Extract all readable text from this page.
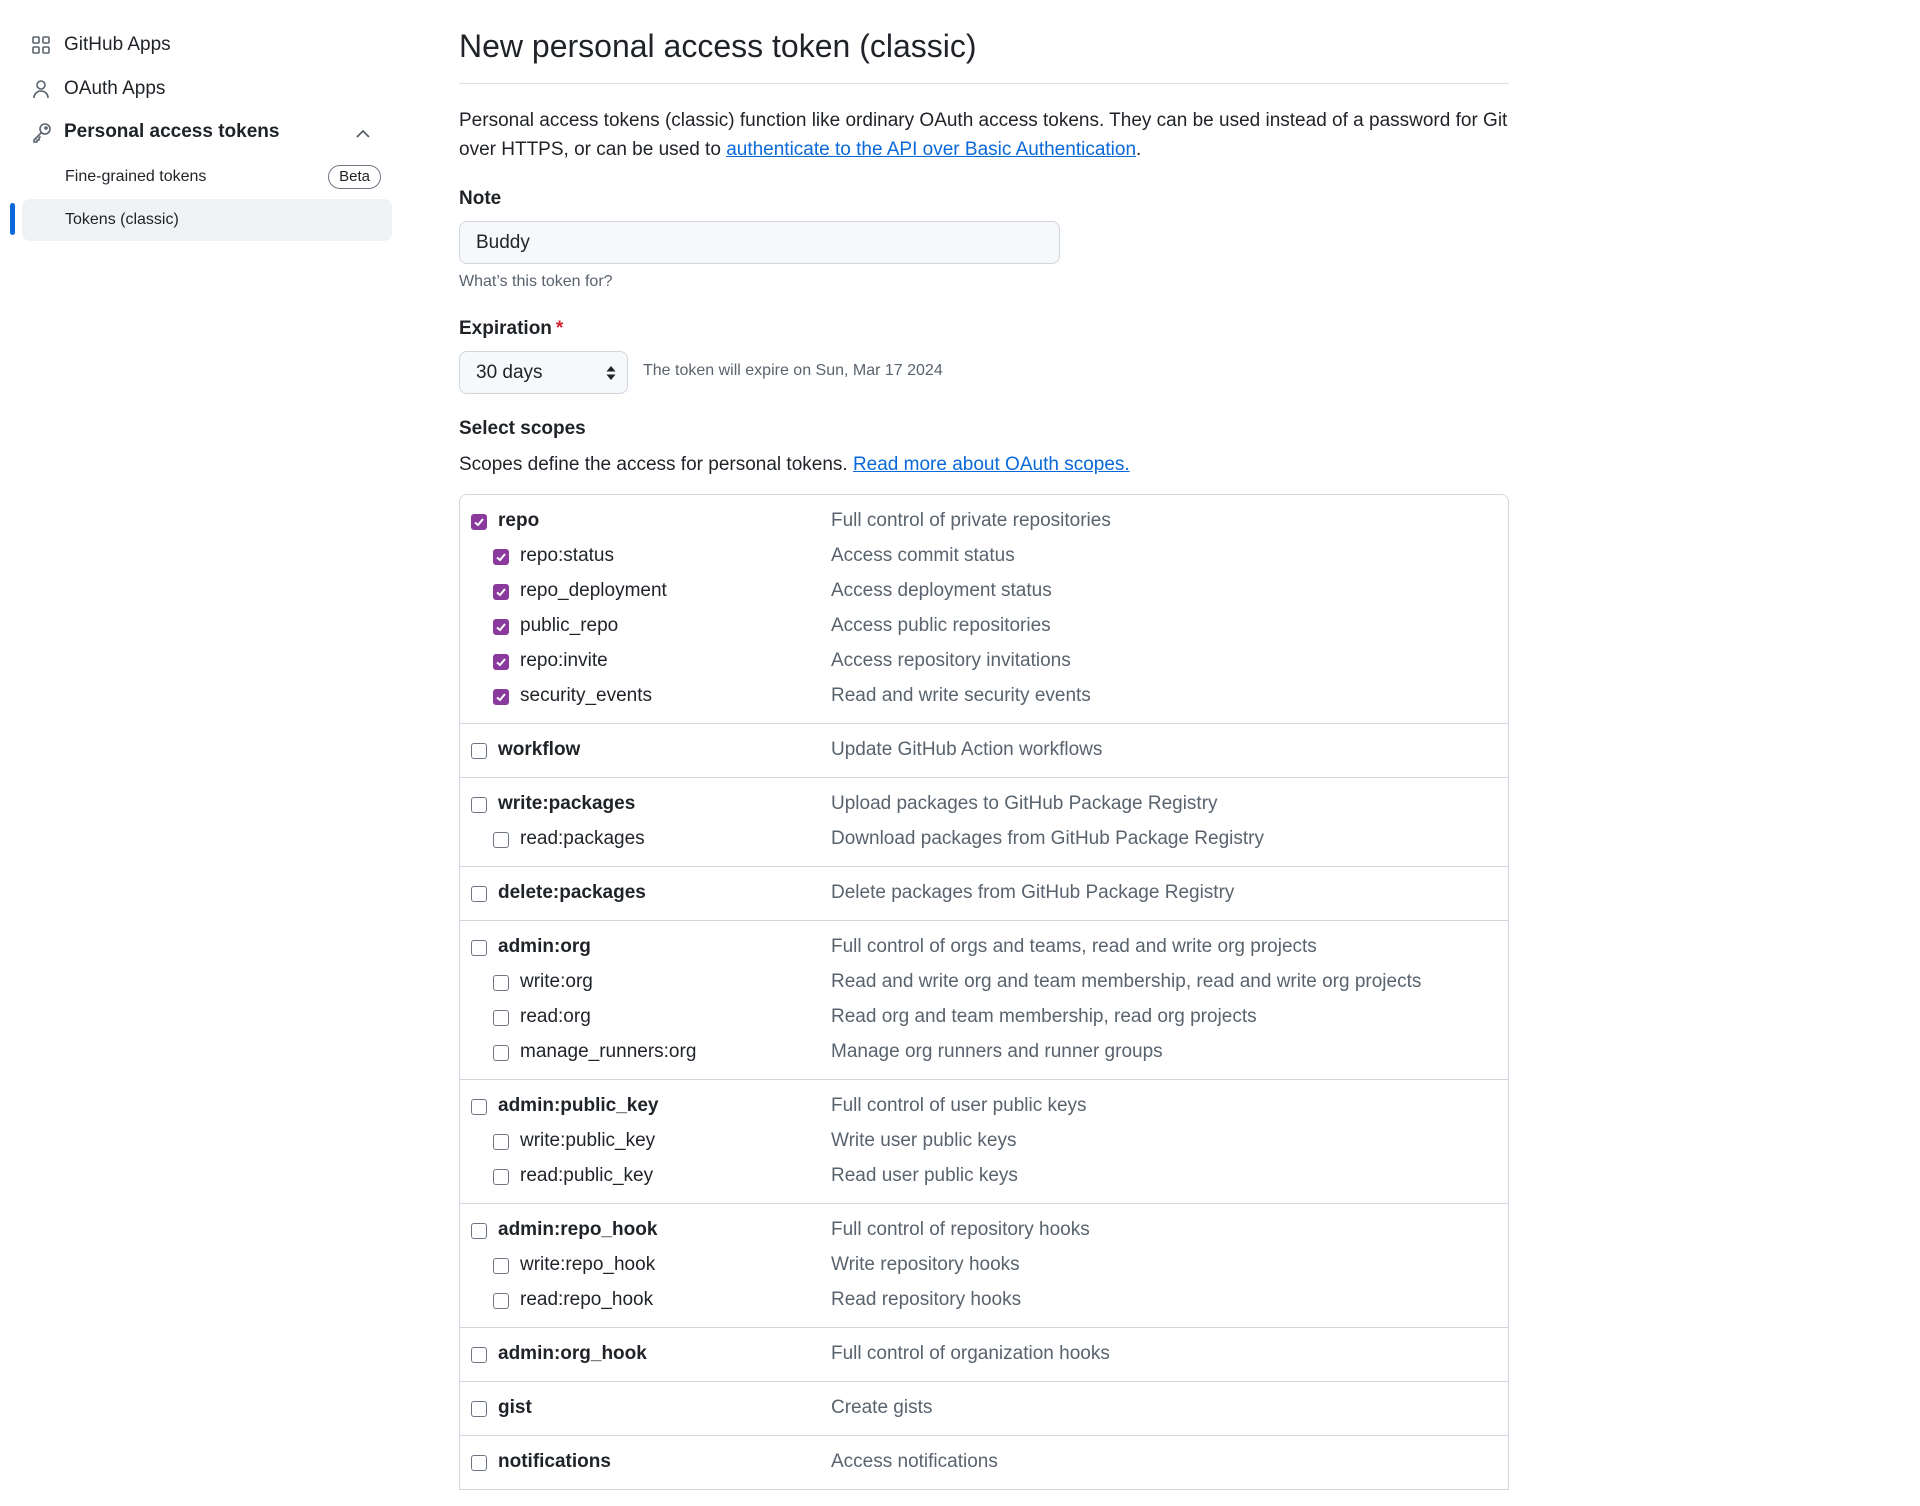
GitHub Apps
OAuth Apps
Personal access tokens
Fine-grained tokens	Beta
Tokens (classic)
New personal access token (classic)

Personal access tokens (classic) function like ordinary OAuth access tokens. They can be used instead of a password for Git over HTTPS, or can be used to authenticate to the API over Basic Authentication.

Note
Buddy
What’s this token for?
Expiration *
30 days	The token will expire on Sun, Mar 17 2024
Select scopes
Scopes define the access for personal tokens. Read more about OAuth scopes.
repo	Full control of private repositories
repo:status	Access commit status
repo_deployment	Access deployment status
public_repo	Access public repositories
repo:invite	Access repository invitations
security_events	Read and write security events
workflow	Update GitHub Action workflows
write:packages	Upload packages to GitHub Package Registry
read:packages	Download packages from GitHub Package Registry
delete:packages	Delete packages from GitHub Package Registry
admin:org	Full control of orgs and teams, read and write org projects
write:org	Read and write org and team membership, read and write org projects
read:org	Read org and team membership, read org projects
manage_runners:org	Manage org runners and runner groups
admin:public_key	Full control of user public keys
write:public_key	Write user public keys
read:public_key	Read user public keys
admin:repo_hook	Full control of repository hooks
write:repo_hook	Write repository hooks
read:repo_hook	Read repository hooks
admin:org_hook	Full control of organization hooks
gist	Create gists
notifications	Access notifications
